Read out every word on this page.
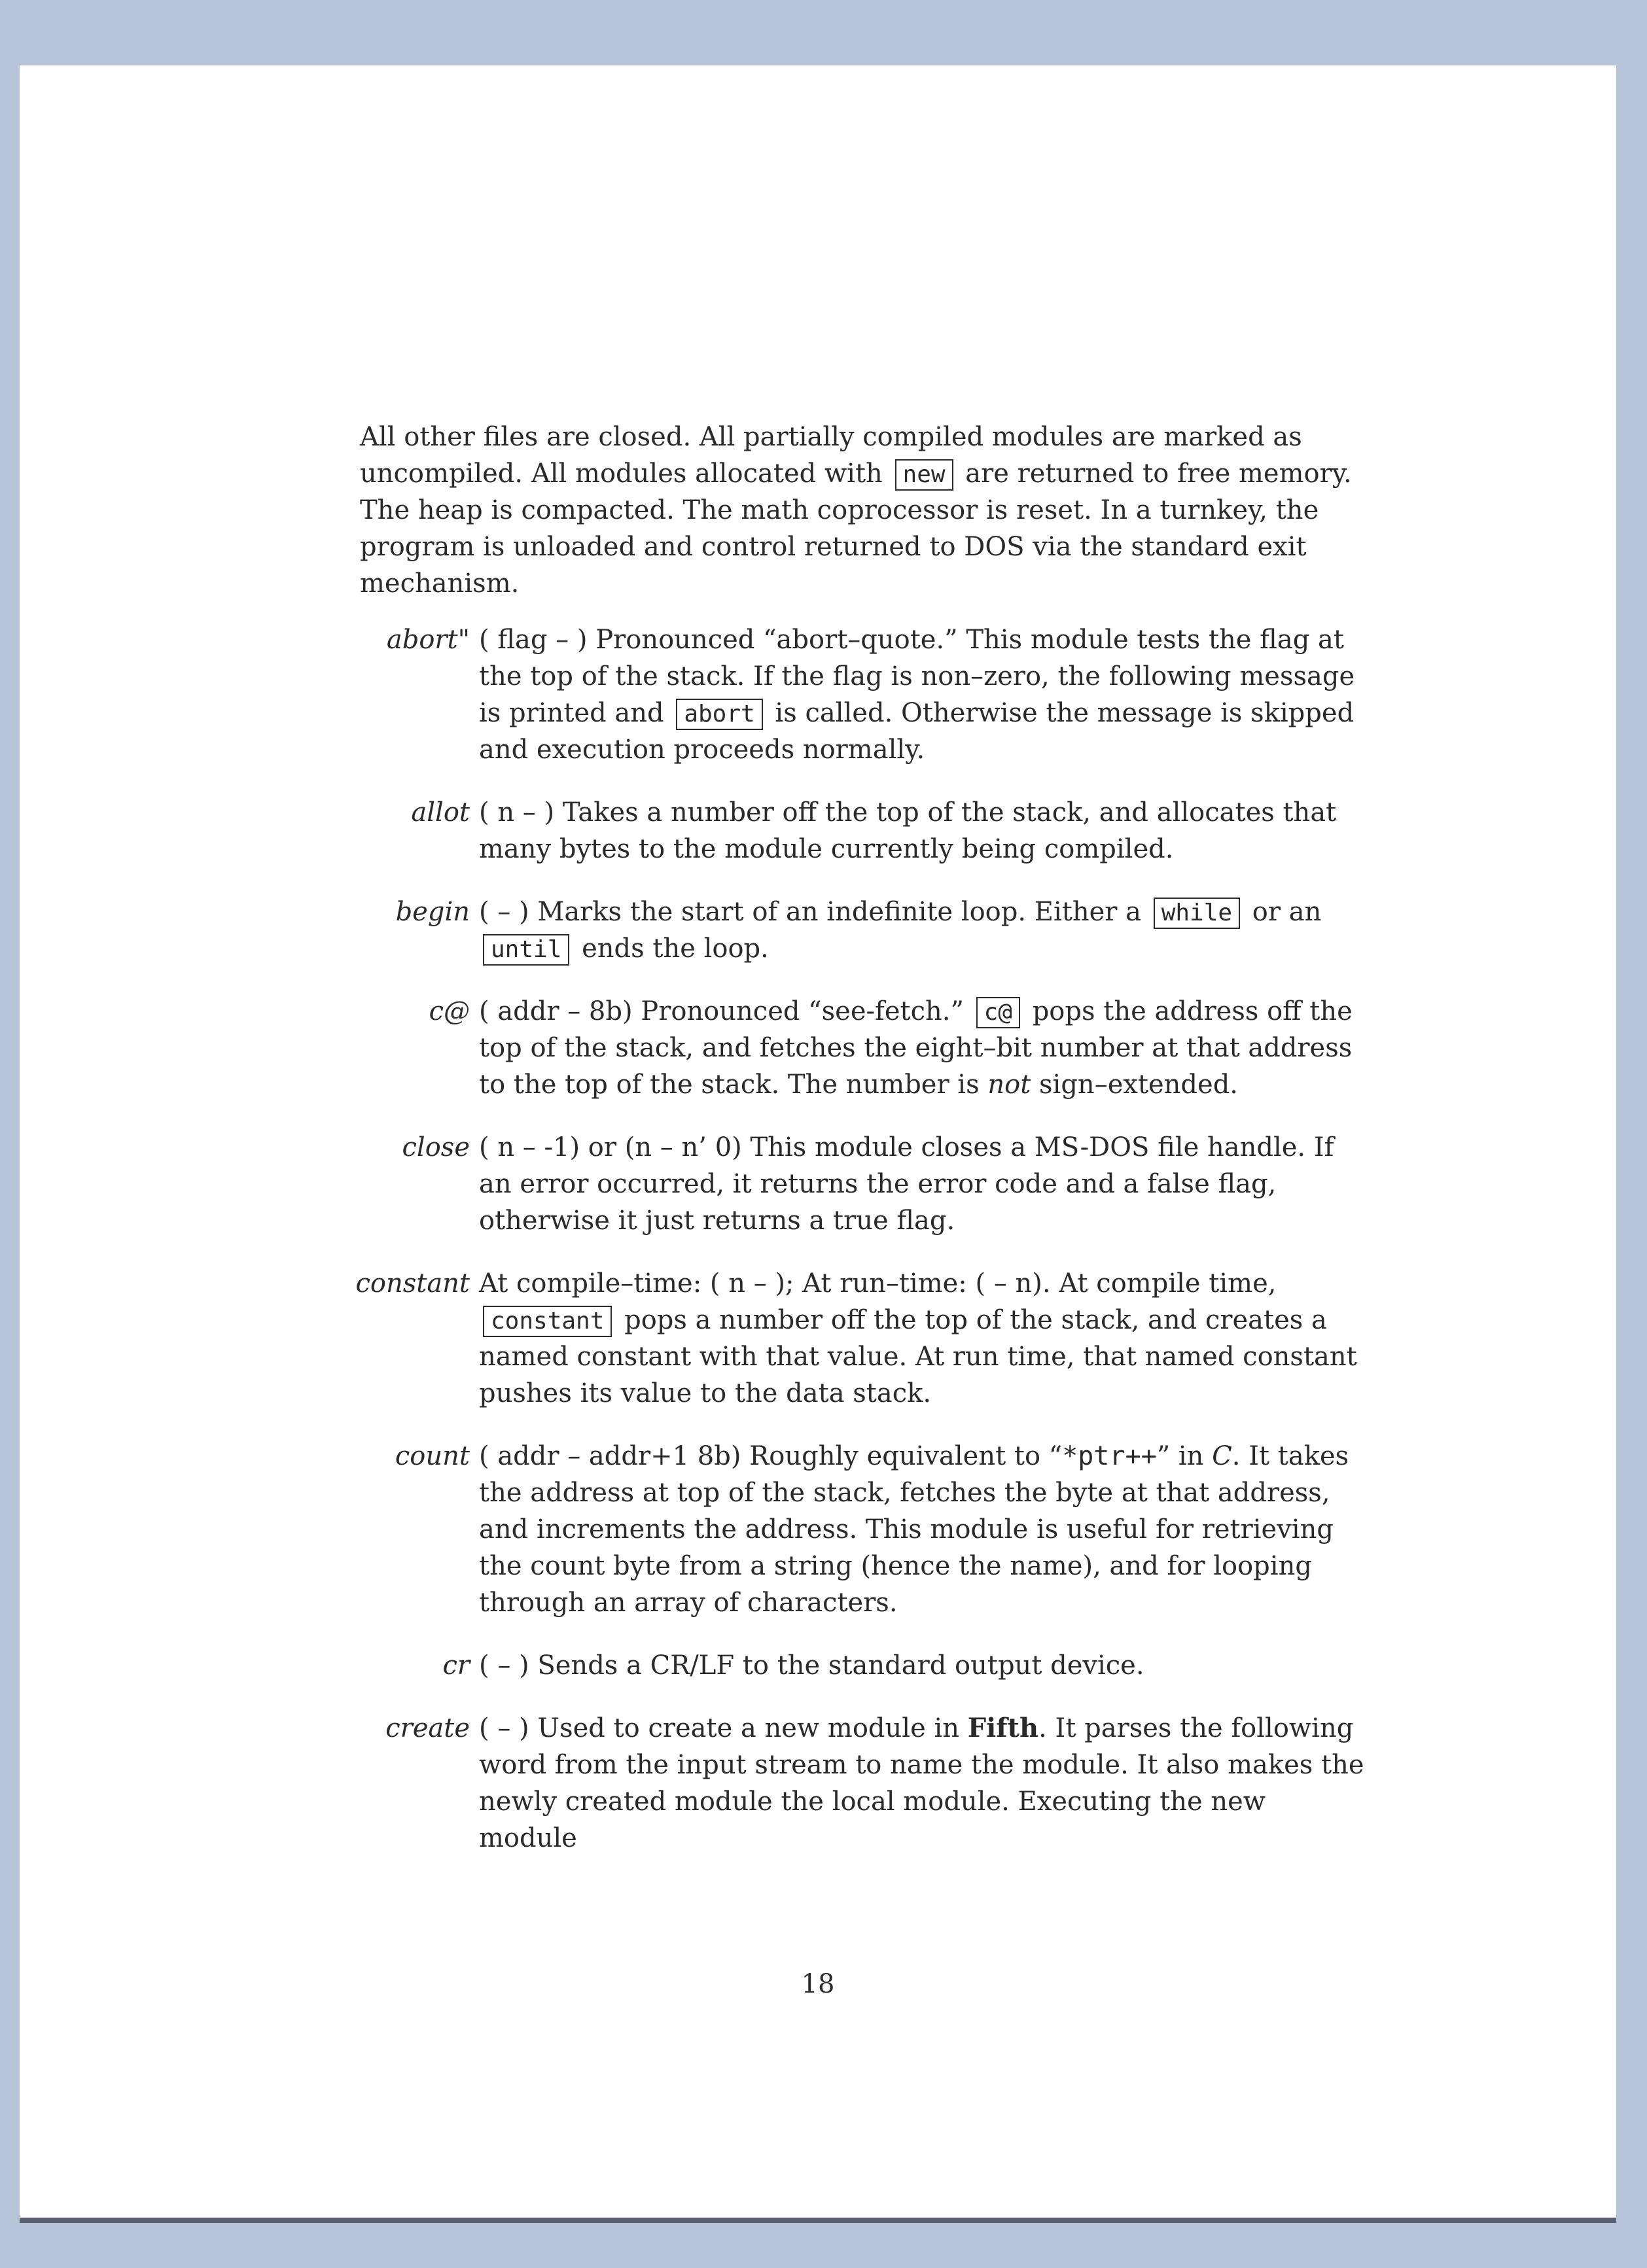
All other files are closed. All partially compiled modules are marked as uncompiled. All modules allocated with new are returned to free memory. The heap is compacted. The math coprocessor is reset. In a turnkey, the program is unloaded and control returned to DOS via the standard exit mechanism.

abort" ( flag – ) Pronounced “abort–quote.” This module tests the flag at the top of the stack. If the flag is non–zero, the following message is printed and abort is called. Otherwise the message is skipped and execution proceeds normally.
allot ( n – ) Takes a number off the top of the stack, and allocates that many bytes to the module currently being compiled.
begin ( – ) Marks the start of an indefinite loop. Either a while or an until ends the loop.
c@ ( addr – 8b) Pronounced “see-fetch.” c@ pops the address off the top of the stack, and fetches the eight–bit number at that address to the top of the stack. The number is not sign–extended.
close ( n – -1) or (n – n’ 0) This module closes a MS-DOS file handle. If an error occurred, it returns the error code and a false flag, otherwise it just returns a true flag.
constant At compile–time: ( n – ); At run–time: ( – n). At compile time, constant pops a number off the top of the stack, and creates a named constant with that value. At run time, that named constant pushes its value to the data stack.
count ( addr – addr+1 8b) Roughly equivalent to “*ptr++” in C. It takes the address at top of the stack, fetches the byte at that address, and increments the address. This module is useful for retrieving the count byte from a string (hence the name), and for looping through an array of characters.
cr ( – ) Sends a CR/LF to the standard output device.
create ( – ) Used to create a new module in Fifth. It parses the following word from the input stream to name the module. It also makes the newly created module the local module. Executing the new module
18
